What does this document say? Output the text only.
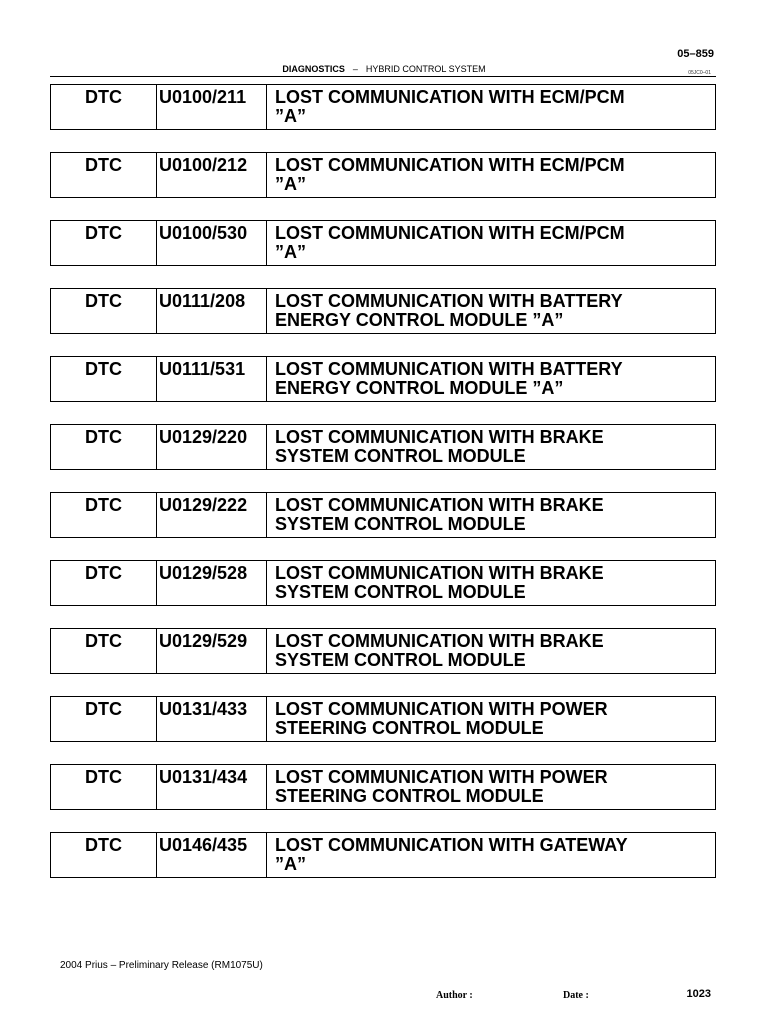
05–859
DIAGNOSTICS – HYBRID CONTROL SYSTEM	05JC0–01
DTC	U0100/211	LOST COMMUNICATION WITH ECM/PCM
”A”
DTC	U0100/212	LOST COMMUNICATION WITH ECM/PCM
”A”
DTC	U0100/530	LOST COMMUNICATION WITH ECM/PCM
”A”
DTC	U0111/208	LOST COMMUNICATION WITH BATTERY
ENERGY CONTROL MODULE ”A”
DTC	U0111/531	LOST COMMUNICATION WITH BATTERY
ENERGY CONTROL MODULE ”A”
DTC	U0129/220	LOST COMMUNICATION WITH BRAKE
SYSTEM CONTROL MODULE
DTC	U0129/222	LOST COMMUNICATION WITH BRAKE
SYSTEM CONTROL MODULE
DTC	U0129/528	LOST COMMUNICATION WITH BRAKE
SYSTEM CONTROL MODULE
DTC	U0129/529	LOST COMMUNICATION WITH BRAKE
SYSTEM CONTROL MODULE
DTC	U0131/433	LOST COMMUNICATION WITH POWER
STEERING CONTROL MODULE
DTC	U0131/434	LOST COMMUNICATION WITH POWER
STEERING CONTROL MODULE
DTC	U0146/435	LOST COMMUNICATION WITH GATEWAY
”A”
2004 Prius – Preliminary Release (RM1075U)
Author :	Date :	1023
